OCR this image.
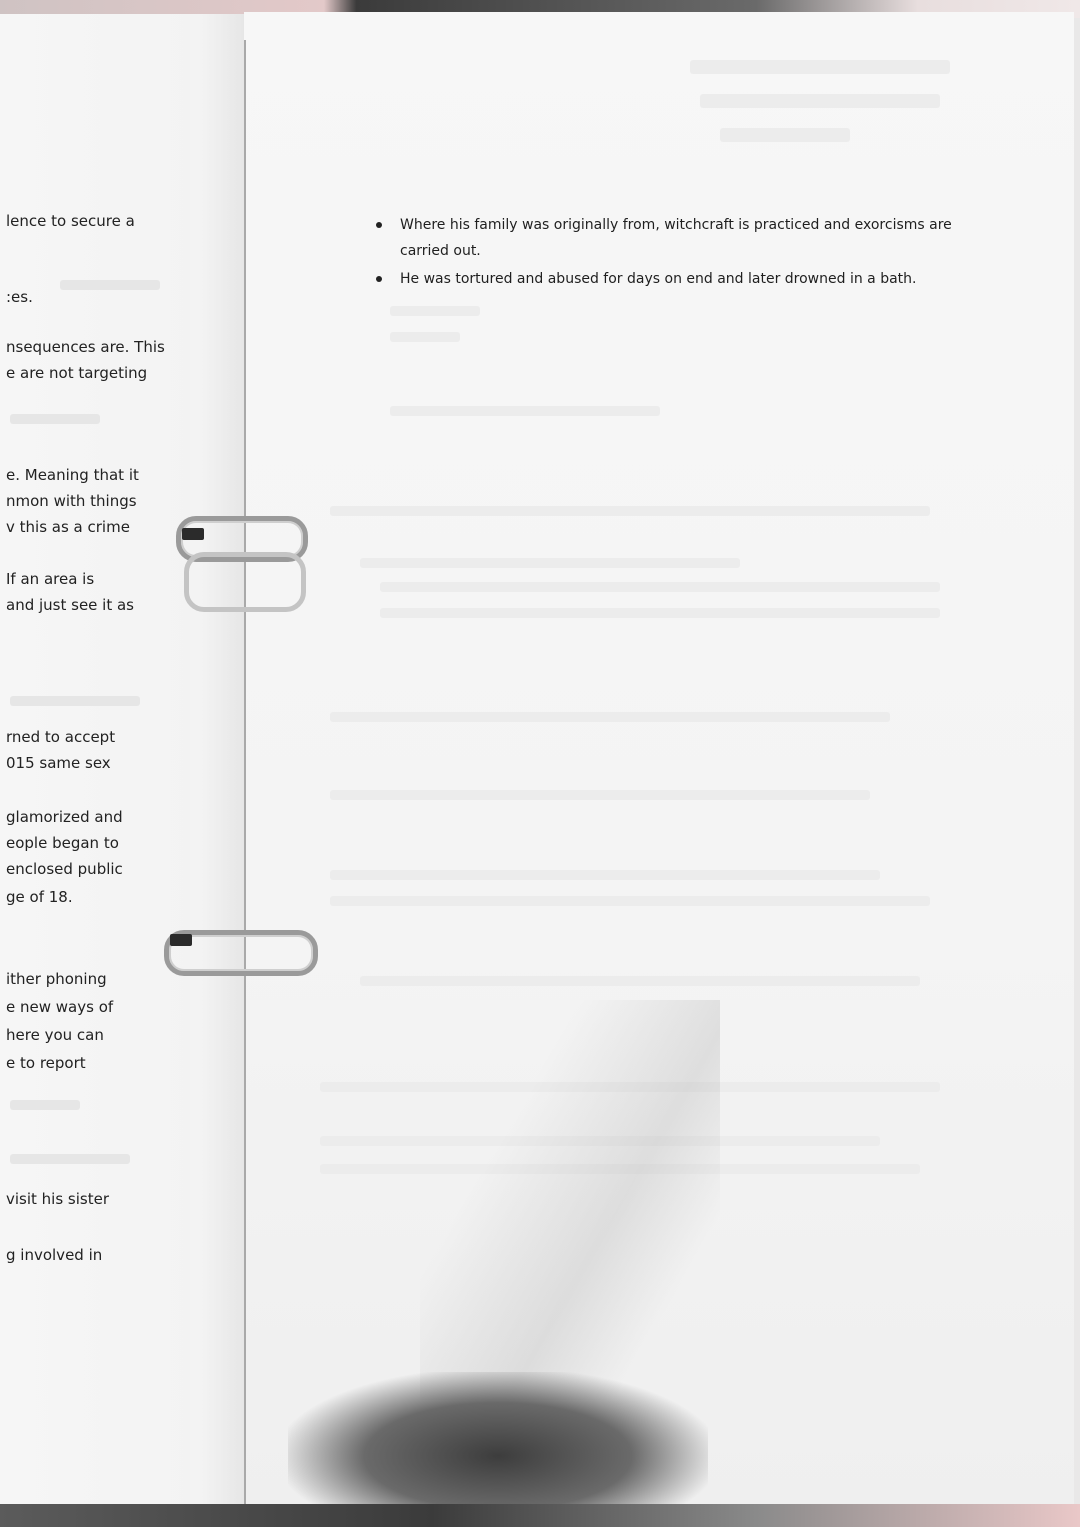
lence to secure a
:es.
nsequences are. This
e are not targeting
e. Meaning that it
nmon with things
v this as a crime
If an area is
and just see it as
rned to accept
015 same sex
glamorized and
eople began to
enclosed public
ge of 18.
ither phoning
e new ways of
here you can
e to report
visit his sister
g involved in
Where his family was originally from, witchcraft is practiced and exorcisms are carried out.
He was tortured and abused for days on end and later drowned in a bath.
